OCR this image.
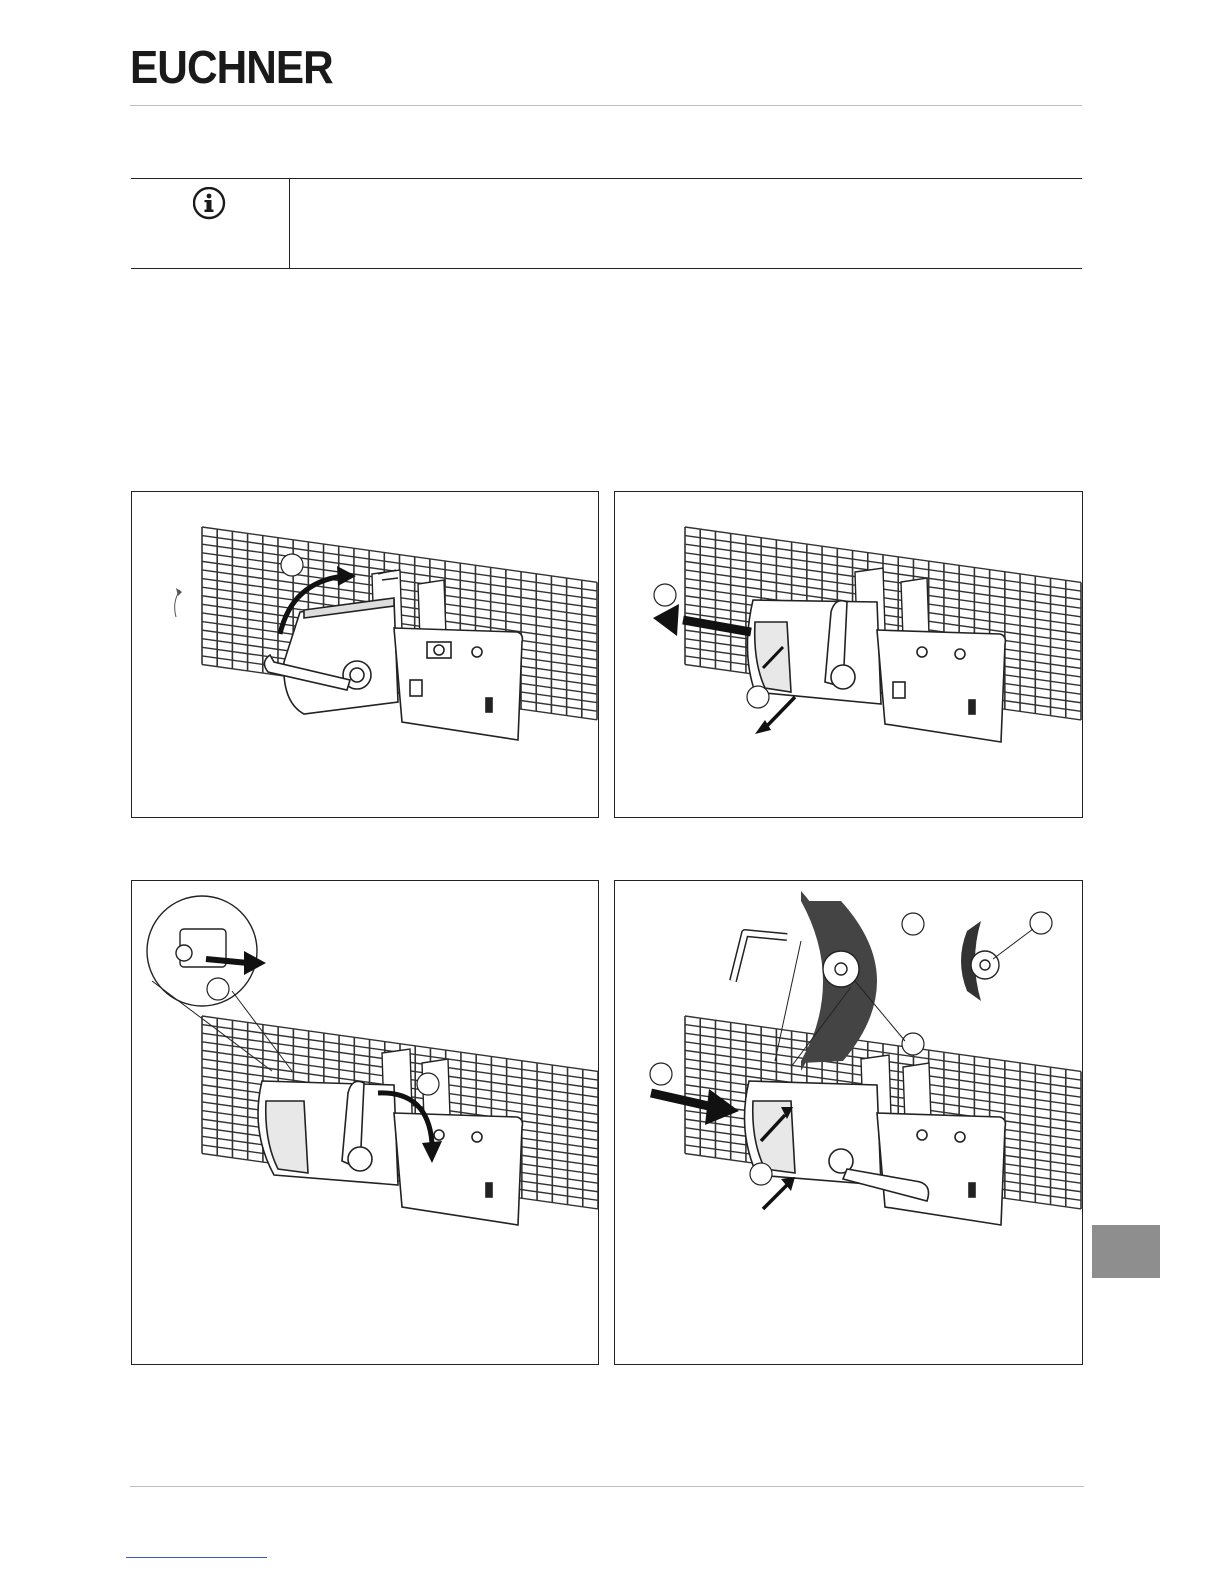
EUCHNER
